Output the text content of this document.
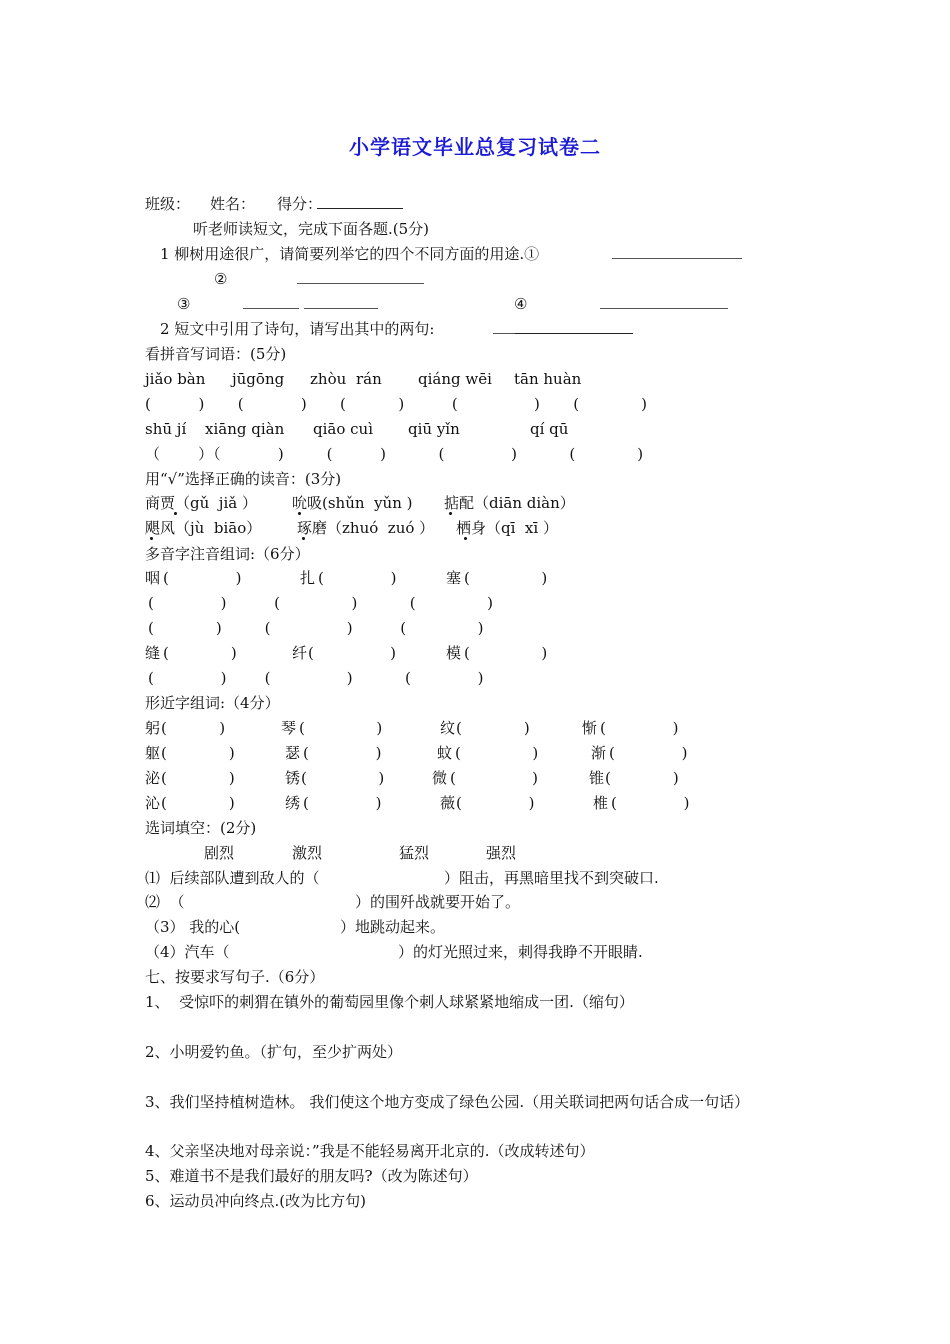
小学语文毕业总复习试卷二
班级： 姓名： 得分：
听老师读短文，完成下面各题.(5分)
1 柳树用途很广，请简要列举它的四个不同方面的用途.①
②
③
	④
2 短文中引用了诗句，请写出其中的两句:
看拼音写词语：(5分)
jiǎo bàn jūgōng zhòu rán qiáng wēi tān huàn
(          )       (            )       (           )          (                )       (             )
shū jí xiāng qiàn qiāo cuì qiū yǐn	qí qū
（        ）（            )         (          )           (              )           (             )
用“√”选择正确的读音：(3分)
商贾（gǔ  jiǎ ） 吮吸(shǔn  yǔn ) 掂配（diān diàn）
飓风（jù  biāo） 琢磨（zhuó  zuó ） 栖身（qī  xī ）
多音字注音组词:（6分）
咽 (              )	扎 (              )	塞 (               )
(              )          (               )           (               )
(             )         (                )          (               )
缝 (             )	纤 (                )	模 (               )
(              )        (                )           (              )
形近字组词:（4分）
躬 (           )	琴 (               )	纹 (             )	惭 (              )
躯 (             )	瑟 (              )	蚊 (               )	渐 (              )
泌 (             )	锈 (               )	微 (                )	锥 (             )
沁 (             )	绣 (              )	薇 (              )	椎 (              )
选词填空：(2分)
剧烈	激烈	猛烈	强烈
⑴  后续部队遭到敌人的（	）阻击，再黑暗里找不到突破口.
⑵  （	）的围歼战就要开始了。
（3） 我的心(	）地跳动起来。
（4）汽车（	）的灯光照过来，刺得我睁不开眼睛.
七、按要求写句子.（6分）
1、  受惊吓的刺猬在镇外的葡萄园里像个刺人球紧紧地缩成一团.（缩句）
2、小明爱钓鱼。（扩句，至少扩两处）
3、我们坚持植树造林。 我们使这个地方变成了绿色公园.（用关联词把两句话合成一句话）
4、父亲坚决地对母亲说：”我是不能轻易离开北京的.（改成转述句）
5、难道书不是我们最好的朋友吗?（改为陈述句）
6、运动员冲向终点.(改为比方句)
